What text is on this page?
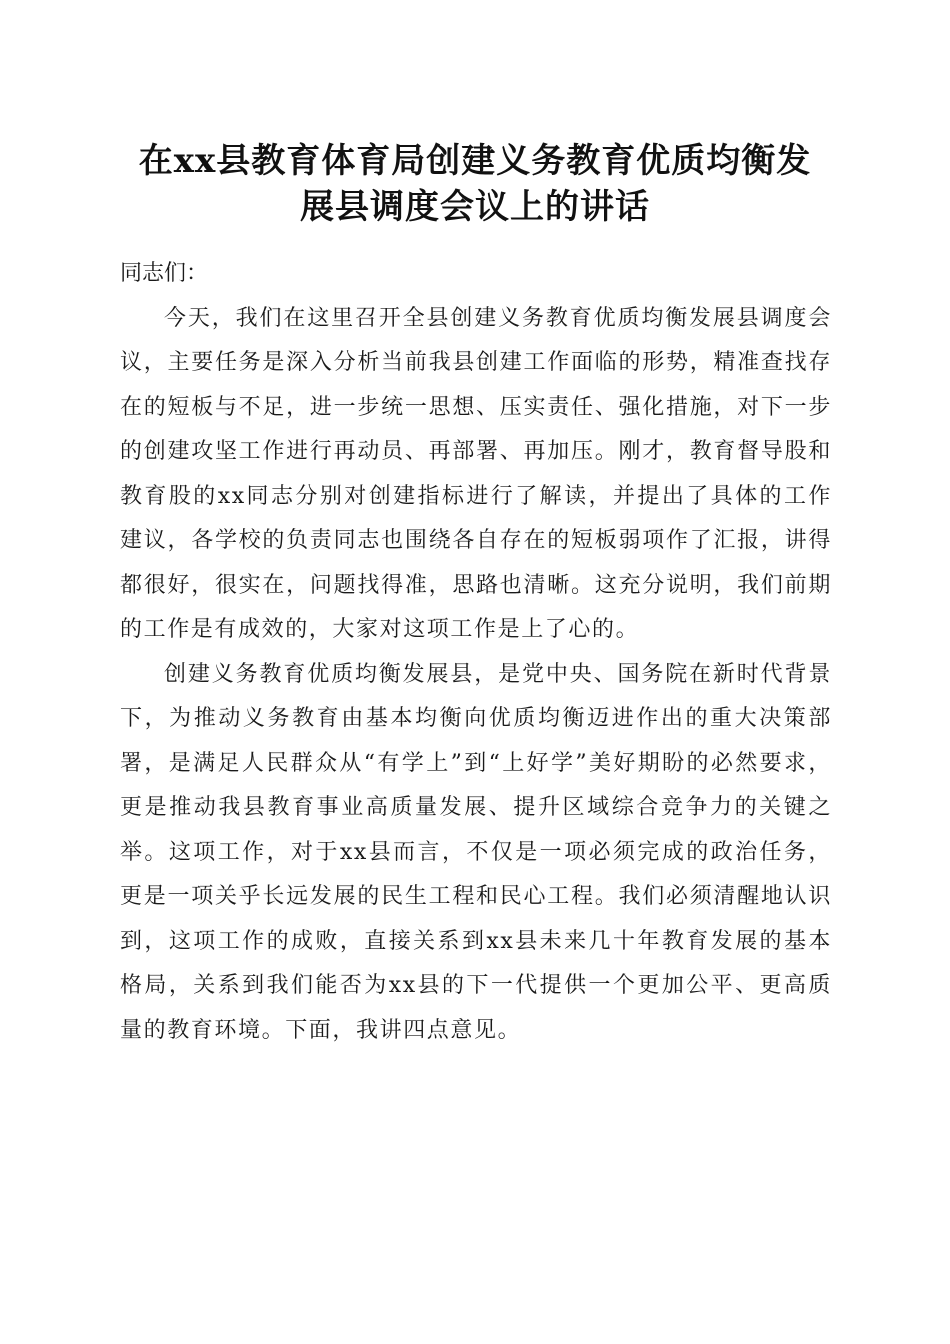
在xx县教育体育局创建义务教育优质均衡发
展县调度会议上的讲话

同志们：

今天，我们在这里召开全县创建义务教育优质均衡发展县调度会议，主要任务是深入分析当前我县创建工作面临的形势，精准查找存在的短板与不足，进一步统一思想、压实责任、强化措施，对下一步的创建攻坚工作进行再动员、再部署、再加压。刚才，教育督导股和教育股的xx同志分别对创建指标进行了解读，并提出了具体的工作建议，各学校的负责同志也围绕各自存在的短板弱项作了汇报，讲得都很好，很实在，问题找得准，思路也清晰。这充分说明，我们前期的工作是有成效的，大家对这项工作是上了心的。

创建义务教育优质均衡发展县，是党中央、国务院在新时代背景下，为推动义务教育由基本均衡向优质均衡迈进作出的重大决策部署，是满足人民群众从“有学上”到“上好学”美好期盼的必然要求，更是推动我县教育事业高质量发展、提升区域综合竞争力的关键之举。这项工作，对于xx县而言，不仅是一项必须完成的政治任务，更是一项关乎长远发展的民生工程和民心工程。我们必须清醒地认识到，这项工作的成败，直接关系到xx县未来几十年教育发展的基本格局，关系到我们能否为xx县的下一代提供一个更加公平、更高质量的教育环境。下面，我讲四点意见。
